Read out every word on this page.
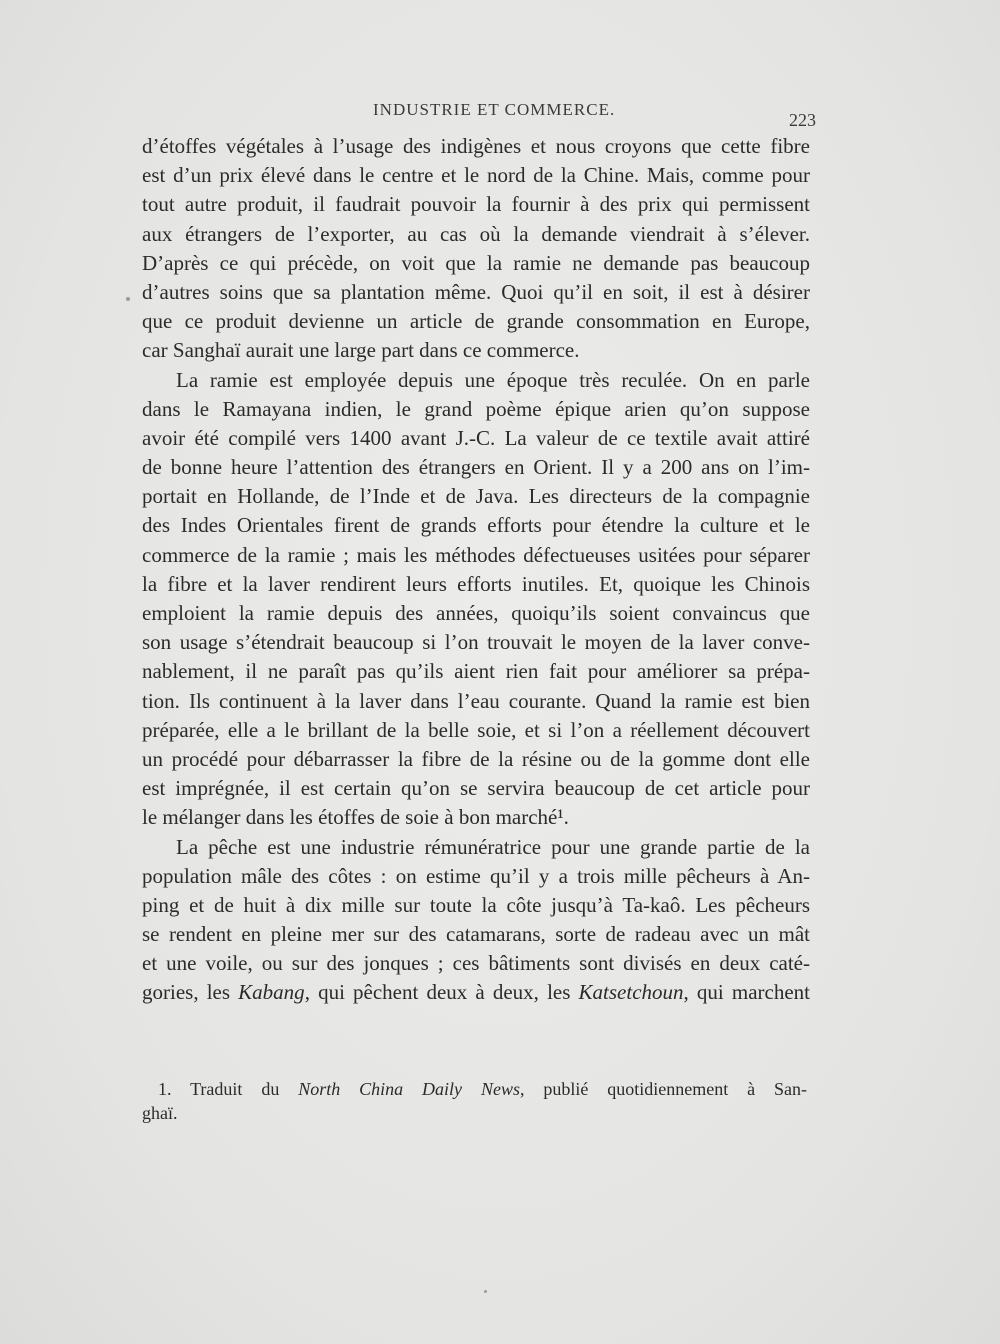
INDUSTRIE ET COMMERCE.
223
d’étoffes végétales à l’usage des indigènes et nous croyons que cette fibre
est d’un prix élevé dans le centre et le nord de la Chine. Mais, comme pour
tout autre produit, il faudrait pouvoir la fournir à des prix qui permissent
aux étrangers de l’exporter, au cas où la demande viendrait à s’élever.
D’après ce qui précède, on voit que la ramie ne demande pas beaucoup
d’autres soins que sa plantation même. Quoi qu’il en soit, il est à désirer
que ce produit devienne un article de grande consommation en Europe,
car Sanghaï aurait une large part dans ce commerce.
La ramie est employée depuis une époque très reculée. On en parle
dans le Ramayana indien, le grand poème épique arien qu’on suppose
avoir été compilé vers 1400 avant J.-C. La valeur de ce textile avait attiré
de bonne heure l’attention des étrangers en Orient. Il y a 200 ans on l’im-
portait en Hollande, de l’Inde et de Java. Les directeurs de la compagnie
des Indes Orientales firent de grands efforts pour étendre la culture et le
commerce de la ramie ; mais les méthodes défectueuses usitées pour séparer
la fibre et la laver rendirent leurs efforts inutiles. Et, quoique les Chinois
emploient la ramie depuis des années, quoiqu’ils soient convaincus que
son usage s’étendrait beaucoup si l’on trouvait le moyen de la laver conve-
nablement, il ne paraît pas qu’ils aient rien fait pour améliorer sa prépa-
tion. Ils continuent à la laver dans l’eau courante. Quand la ramie est bien
préparée, elle a le brillant de la belle soie, et si l’on a réellement découvert
un procédé pour débarrasser la fibre de la résine ou de la gomme dont elle
est imprégnée, il est certain qu’on se servira beaucoup de cet article pour
le mélanger dans les étoffes de soie à bon marché¹.
La pêche est une industrie rémunératrice pour une grande partie de la
population mâle des côtes : on estime qu’il y a trois mille pêcheurs à An-
ping et de huit à dix mille sur toute la côte jusqu’à Ta-kaô. Les pêcheurs
se rendent en pleine mer sur des catamarans, sorte de radeau avec un mât
et une voile, ou sur des jonques ; ces bâtiments sont divisés en deux caté-
gories, les Kabang, qui pêchent deux à deux, les Katsetchoun, qui marchent
1. Traduit du North China Daily News, publié quotidiennement à San-
ghaï.
